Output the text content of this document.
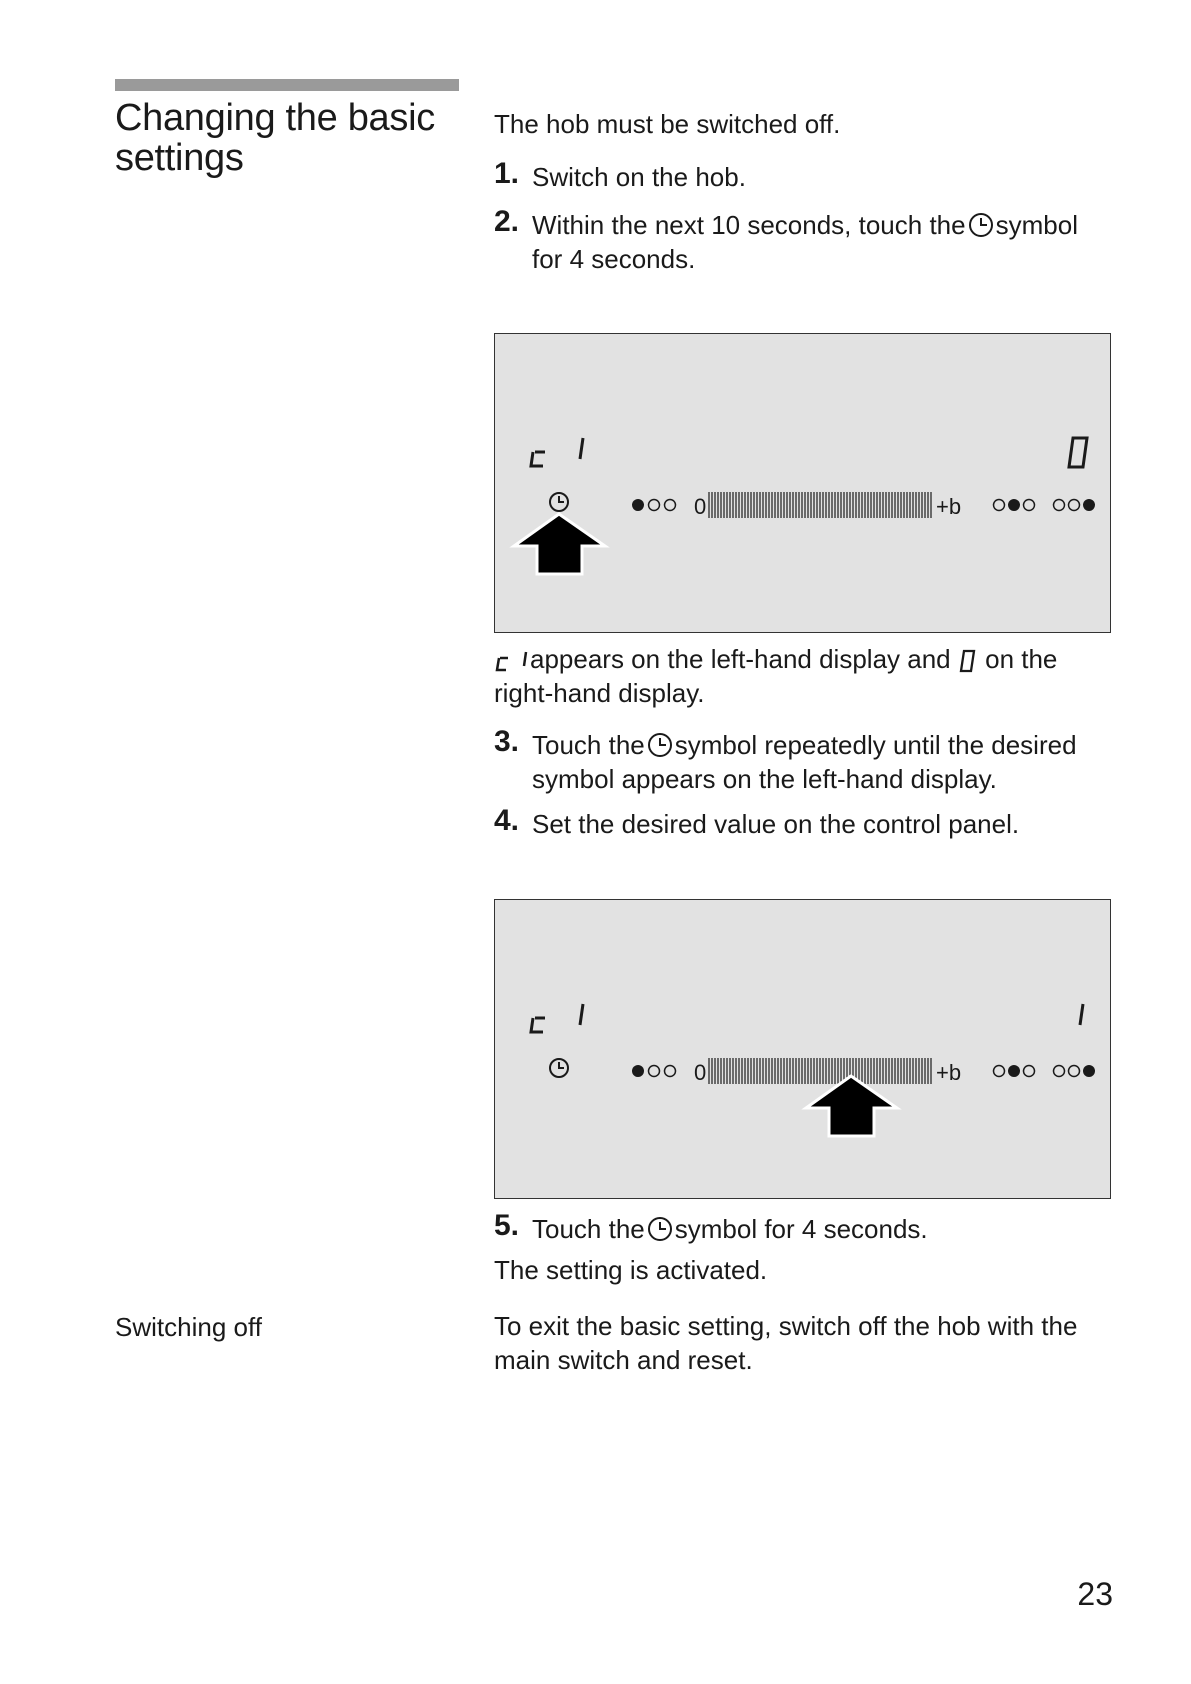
Changing the basic
settings
The hob must be switched off.
1. Switch on the hob.
2. Within the next 10 seconds, touch the symbol
for 4 seconds.
0	+b
appears on the left-hand display and on the
right-hand display.
3. Touch the symbol repeatedly until the desired
symbol appears on the left-hand display.
4. Set the desired value on the control panel.
0	+b
5. Touch the symbol for 4 seconds.
The setting is activated.
Switching off	To exit the basic setting, switch off the hob with the
main switch and reset.
23
